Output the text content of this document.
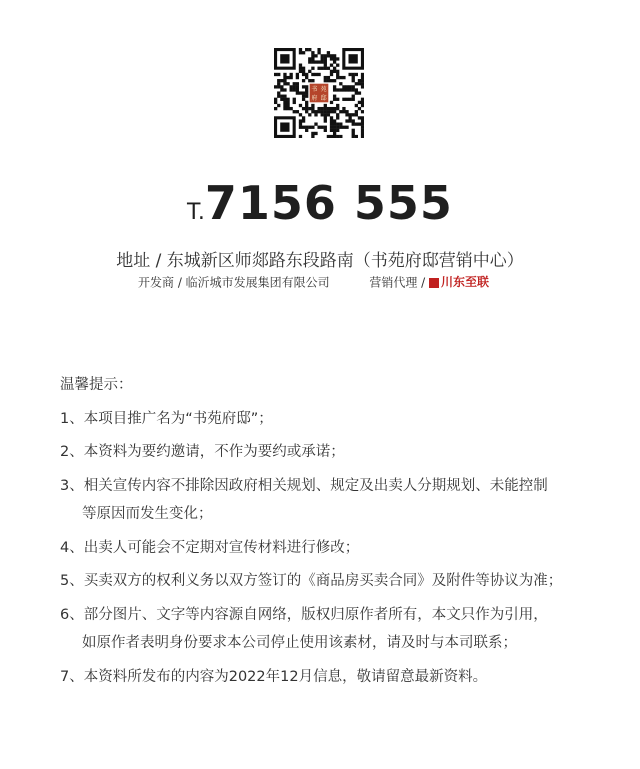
书 苑
府 邸
T.7156 555
地址 / 东城新区师郯路东段路南（书苑府邸营销中心）
开发商 / 临沂城市发展集团有限公司	营销代理 / 川东至联
温馨提示：
1、本项目推广名为“书苑府邸”；
2、本资料为要约邀请，不作为要约或承诺；
3、相关宣传内容不排除因政府相关规划、规定及出卖人分期规划、未能控制
等原因而发生变化；
4、出卖人可能会不定期对宣传材料进行修改；
5、买卖双方的权利义务以双方签订的《商品房买卖合同》及附件等协议为准；
6、部分图片、文字等内容源自网络，版权归原作者所有，本文只作为引用，
如原作者表明身份要求本公司停止使用该素材，请及时与本司联系；
7、本资料所发布的内容为2022年12月信息，敬请留意最新资料。
